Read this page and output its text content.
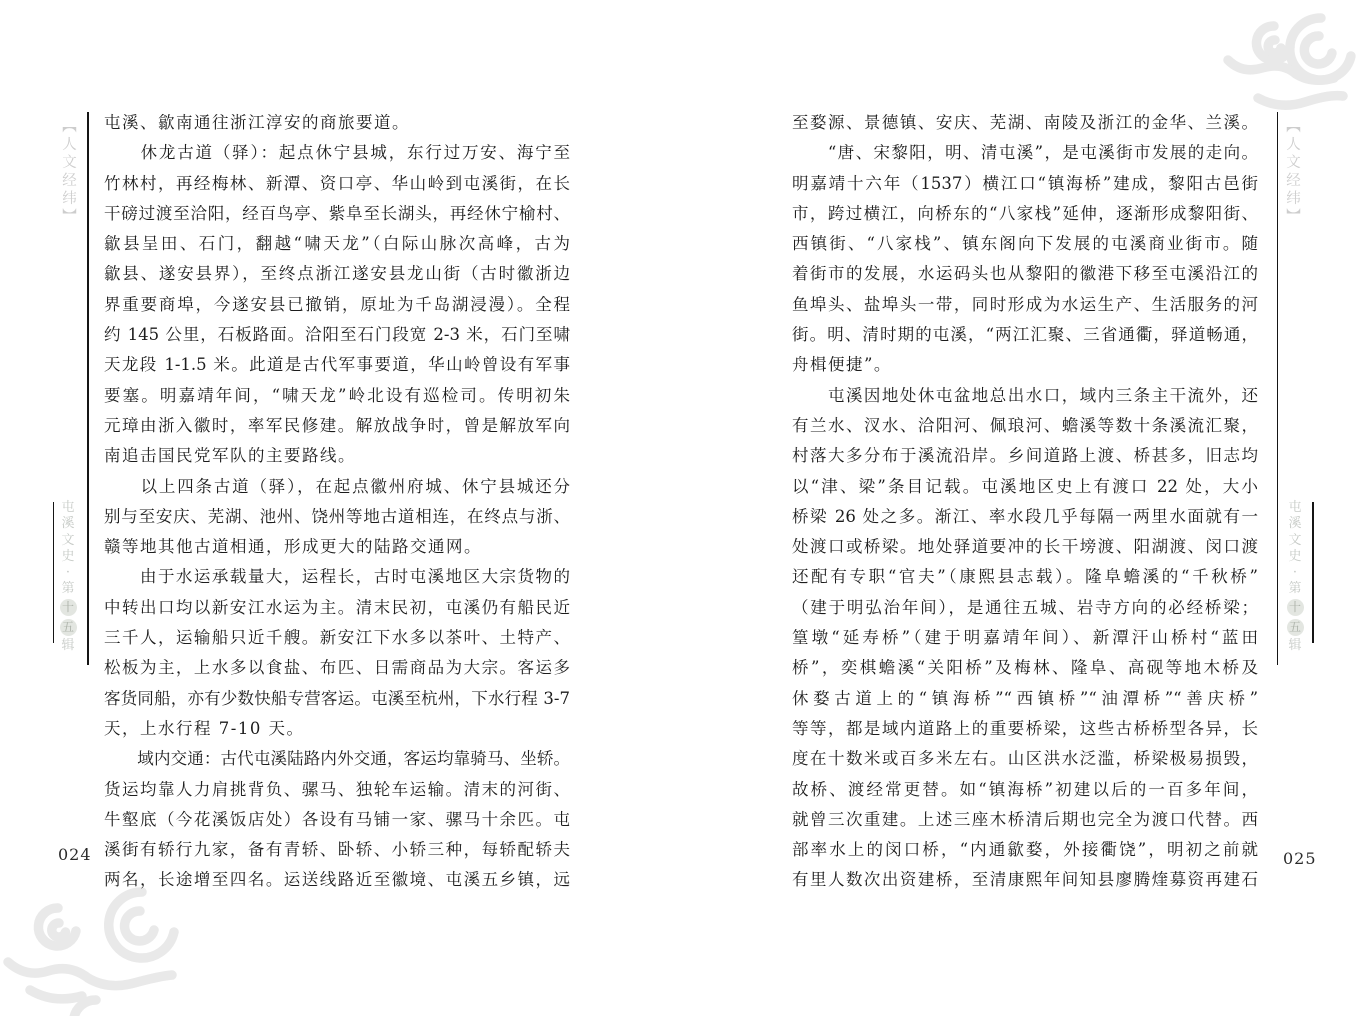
【人文经纬】
屯
溪
文
史
·
第
十
五
辑
屯溪、歙南通往浙江淳安的商旅要道。
　　休龙古道（驿）：起点休宁县城，东行过万安、海宁至
竹林村，再经梅林、新潭、资口亭、华山岭到屯溪街，在长
干磅过渡至洽阳，经百鸟亭、紫阜至长湖头，再经休宁榆村、
歙县呈田、石门，翻越“啸天龙”（白际山脉次高峰，古为
歙县、遂安县界），至终点浙江遂安县龙山街（古时徽浙边
界重要商埠，今遂安县已撤销，原址为千岛湖浸漫）。全程
约 145 公里，石板路面。洽阳至石门段宽 2-3 米，石门至啸
天龙段 1-1.5 米。此道是古代军事要道，华山岭曾设有军事
要塞。明嘉靖年间，“啸天龙”岭北设有巡检司。传明初朱
元璋由浙入徽时，率军民修建。解放战争时，曾是解放军向
南追击国民党军队的主要路线。
　　以上四条古道（驿），在起点徽州府城、休宁县城还分
别与至安庆、芜湖、池州、饶州等地古道相连，在终点与浙、
赣等地其他古道相通，形成更大的陆路交通网。
　　由于水运承载量大，运程长，古时屯溪地区大宗货物的
中转出口均以新安江水运为主。清末民初，屯溪仍有船民近
三千人，运输船只近千艘。新安江下水多以茶叶、土特产、
松板为主，上水多以食盐、布匹、日需商品为大宗。客运多
客货同船，亦有少数快船专营客运。屯溪至杭州，下水行程 3-7
天，上水行程 7-10 天。
　　域内交通：古代屯溪陆路内外交通，客运均靠骑马、坐轿。
货运均靠人力肩挑背负、骡马、独轮车运输。清末的河街、
牛壑底（今花溪饭店处）各设有马铺一家、骡马十余匹。屯
溪街有轿行九家，备有青轿、卧轿、小轿三种，每轿配轿夫
两名，长途增至四名。运送线路近至徽境、屯溪五乡镇，远
024
【人文经纬】
屯
溪
文
史
·
第
十
五
辑
至婺源、景德镇、安庆、芜湖、南陵及浙江的金华、兰溪。
　　“唐、宋黎阳，明、清屯溪”，是屯溪街市发展的走向。
明嘉靖十六年（1537）横江口“镇海桥”建成，黎阳古邑街
市，跨过横江，向桥东的“八家栈”延伸，逐渐形成黎阳街、
西镇街、“八家栈”、镇东阁向下发展的屯溪商业街市。随
着街市的发展，水运码头也从黎阳的徽港下移至屯溪沿江的
鱼埠头、盐埠头一带，同时形成为水运生产、生活服务的河
街。明、清时期的屯溪，“两江汇聚、三省通衢，驿道畅通，
舟楫便捷”。
　　屯溪因地处休屯盆地总出水口，域内三条主干流外，还
有兰水、汊水、洽阳河、佩琅河、蟾溪等数十条溪流汇聚，
村落大多分布于溪流沿岸。乡间道路上渡、桥甚多，旧志均
以“津、梁”条目记载。屯溪地区史上有渡口 22 处，大小
桥梁 26 处之多。渐江、率水段几乎每隔一两里水面就有一
处渡口或桥梁。地处驿道要冲的长干塝渡、阳湖渡、闵口渡
还配有专职“官夫”（康熙县志载）。隆阜蟾溪的“千秋桥”
（建于明弘治年间），是通往五城、岩寺方向的必经桥梁；
篁墩“延寿桥”（建于明嘉靖年间）、新潭汗山桥村“蓝田
桥”，奕棋蟾溪“关阳桥”及梅林、隆阜、高砚等地木桥及
休婺古道上的“镇海桥”“西镇桥”“油潭桥”“善庆桥”
等等，都是域内道路上的重要桥梁，这些古桥桥型各异，长
度在十数米或百多米左右。山区洪水泛滥，桥梁极易损毁，
故桥、渡经常更替。如“镇海桥”初建以后的一百多年间，
就曾三次重建。上述三座木桥清后期也完全为渡口代替。西
部率水上的闵口桥，“内通歙婺，外接衢饶”，明初之前就
有里人数次出资建桥，至清康熙年间知县廖腾煃募资再建石
025
